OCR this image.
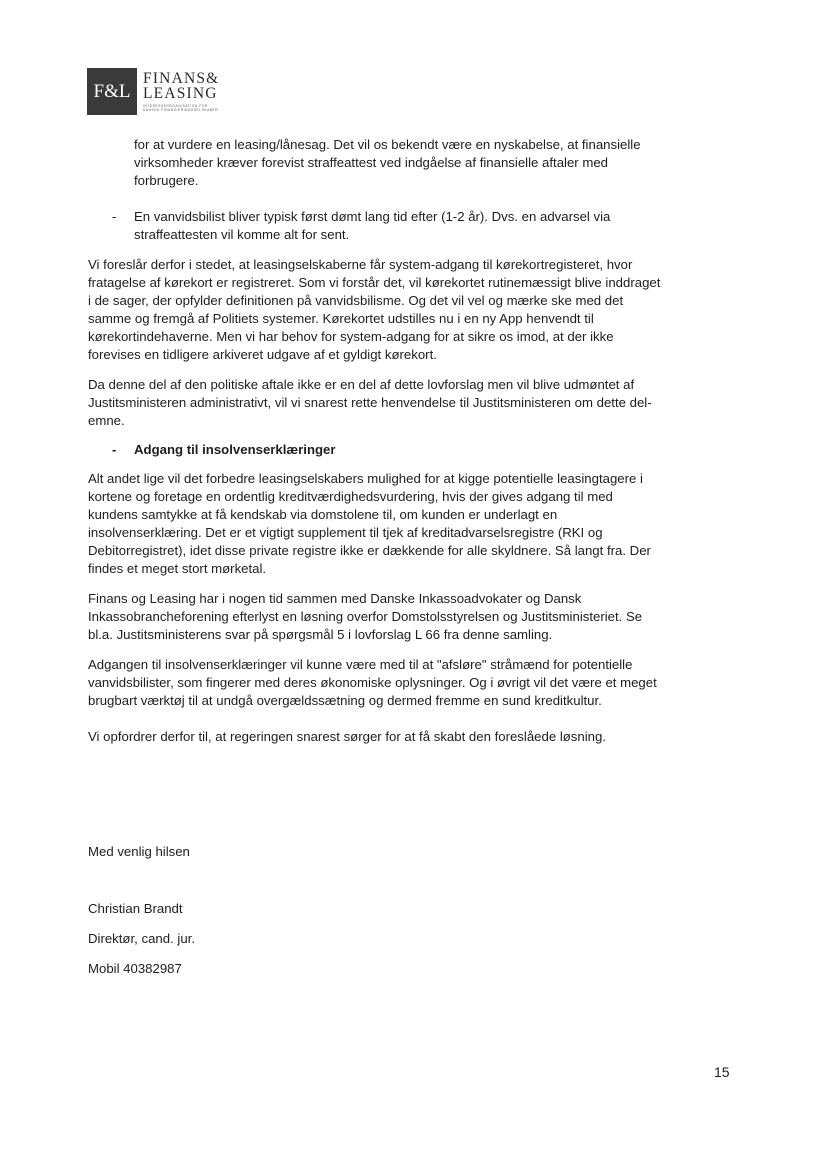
F&L
FINANS&
LEASING
INTERESSEORGANISATION FOR
DANSKE FINANSIERINGSSELSKABER

for at vurdere en leasing/lånesag. Det vil os bekendt være en nyskabelse, at finansielle

virksomheder kræver forevist straffeattest ved indgåelse af finansielle aftaler med

forbrugere.

- En vanvidsbilist bliver typisk først dømt lang tid efter (1-2 år). Dvs. en advarsel via

straffeattesten vil komme alt for sent.

Vi foreslår derfor i stedet, at leasingselskaberne får system-adgang til kørekortregisteret, hvor

fratagelse af kørekort er registreret. Som vi forstår det, vil kørekortet rutinemæssigt blive inddraget

i de sager, der opfylder definitionen på vanvidsbilisme. Og det vil vel og mærke ske med det

samme og fremgå af Politiets systemer. Kørekortet udstilles nu i en ny App henvendt til

kørekortindehaverne. Men vi har behov for system-adgang for at sikre os imod, at der ikke

forevises en tidligere arkiveret udgave af et gyldigt kørekort.

Da denne del af den politiske aftale ikke er en del af dette lovforslag men vil blive udmøntet af

Justitsministeren administrativt, vil vi snarest rette henvendelse til Justitsministeren om dette del-

emne.

- Adgang til insolvenserklæringer

Alt andet lige vil det forbedre leasingselskabers mulighed for at kigge potentielle leasingtagere i

kortene og foretage en ordentlig kreditværdighedsvurdering, hvis der gives adgang til med

kundens samtykke at få kendskab via domstolene til, om kunden er underlagt en

insolvenserklæring. Det er et vigtigt supplement til tjek af kreditadvarselsregistre (RKI og

Debitorregistret), idet disse private registre ikke er dækkende for alle skyldnere. Så langt fra. Der

findes et meget stort mørketal.

Finans og Leasing har i nogen tid sammen med Danske Inkassoadvokater og Dansk

Inkassobrancheforening efterlyst en løsning overfor Domstolsstyrelsen og Justitsministeriet. Se

bl.a. Justitsministerens svar på spørgsmål 5 i lovforslag L 66 fra denne samling.

Adgangen til insolvenserklæringer vil kunne være med til at "afsløre" stråmænd for potentielle

vanvidsbilister, som fingerer med deres økonomiske oplysninger. Og i øvrigt vil det være et meget

brugbart værktøj til at undgå overgældssætning og dermed fremme en sund kreditkultur.

Vi opfordrer derfor til, at regeringen snarest sørger for at få skabt den foreslåede løsning.

Med venlig hilsen

Christian Brandt

Direktør, cand. jur.

Mobil 40382987

15
